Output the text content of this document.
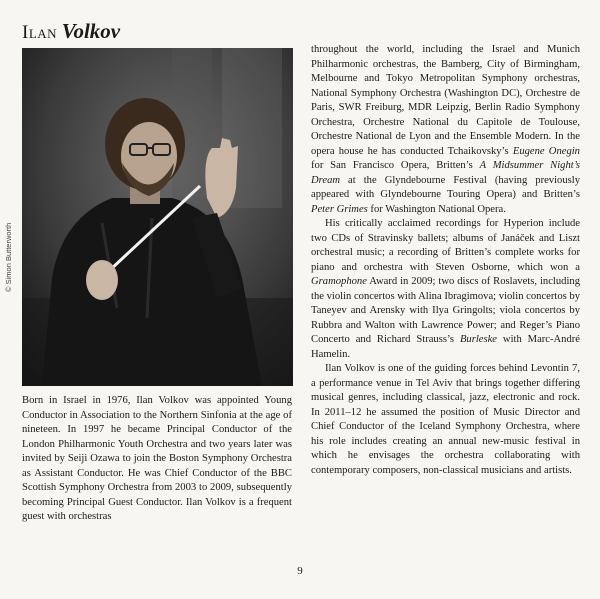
Ilan Volkov
© Simon Butterworth

Born in Israel in 1976, Ilan Volkov was appointed Young Conductor in Association to the Northern Sinfonia at the age of nineteen. In 1997 he became Principal Conductor of the London Philharmonic Youth Orchestra and two years later was invited by Seiji Ozawa to join the Boston Symphony Orchestra as Assistant Conductor. He was Chief Conductor of the BBC Scottish Symphony Orchestra from 2003 to 2009, subsequently becoming Principal Guest Conductor. Ilan Volkov is a frequent guest with orchestras

throughout the world, including the Israel and Munich Philharmonic orchestras, the Bamberg, City of Birmingham, Melbourne and Tokyo Metropolitan Symphony orchestras, National Symphony Orchestra (Washington DC), Orchestre de Paris, SWR Freiburg, MDR Leipzig, Berlin Radio Symphony Orchestra, Orchestre National du Capitole de Toulouse, Orchestre National de Lyon and the Ensemble Modern. In the opera house he has conducted Tchaikovsky’s Eugene Onegin for San Francisco Opera, Britten’s A Midsummer Night’s Dream at the Glyndebourne Festival (having previously appeared with Glyndebourne Touring Opera) and Britten’s Peter Grimes for Washington National Opera.

His critically acclaimed recordings for Hyperion include two CDs of Stravinsky ballets; albums of Janáček and Liszt orchestral music; a recording of Britten’s complete works for piano and orchestra with Steven Osborne, which won a Gramophone Award in 2009; two discs of Roslavets, including the violin concertos with Alina Ibragimova; violin concertos by Taneyev and Arensky with Ilya Gringolts; viola concertos by Rubbra and Walton with Lawrence Power; and Reger’s Piano Concerto and Richard Strauss’s Burleske with Marc-André Hamelin.

Ilan Volkov is one of the guiding forces behind Levontin 7, a performance venue in Tel Aviv that brings together differing musical genres, including classical, jazz, electronic and rock. In 2011–12 he assumed the position of Music Director and Chief Conductor of the Iceland Symphony Orchestra, where his role includes creating an annual new-music festival in which he envisages the orchestra collaborating with contemporary composers, non-classical musicians and artists.

9
